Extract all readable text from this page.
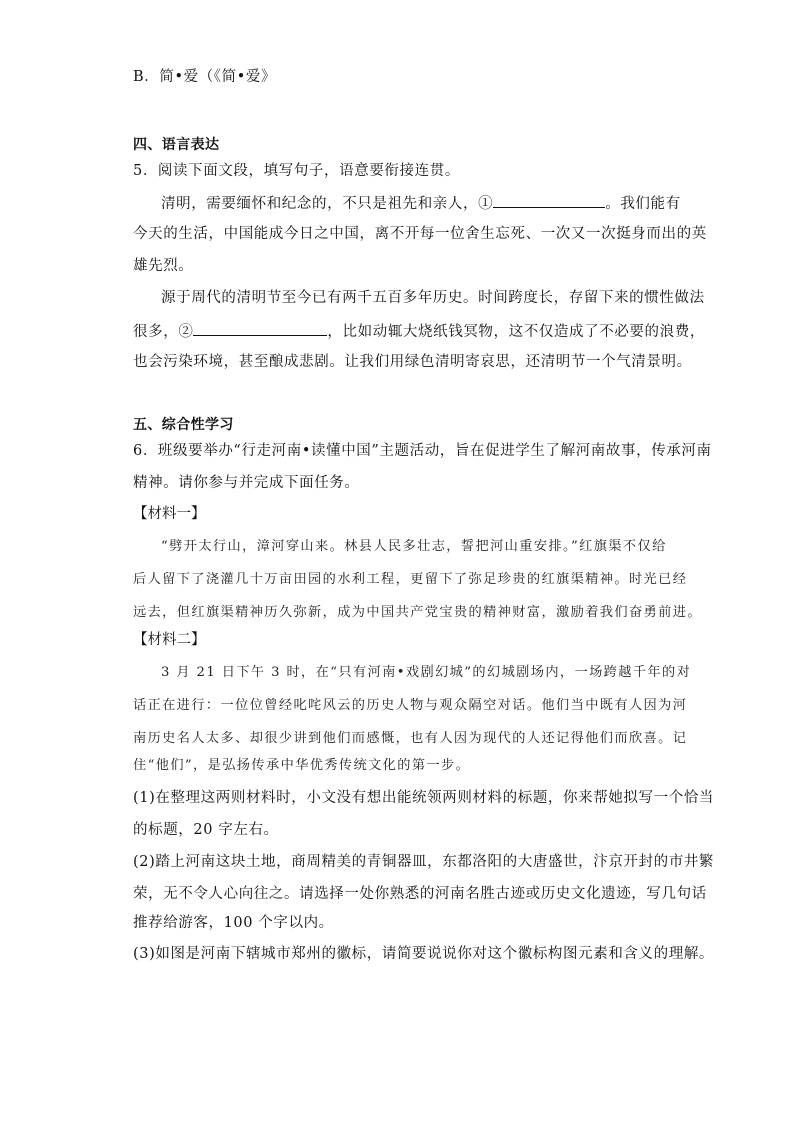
B．简•爱（《简•爱》
四、语言表达
5．阅读下面文段，填写句子，语意要衔接连贯。
清明，需要缅怀和纪念的，不只是祖先和亲人，①	。我们能有
今天的生活，中国能成今日之中国，离不开每一位舍生忘死、一次又一次挺身而出的英
雄先烈。
源于周代的清明节至今已有两千五百多年历史。时间跨度长，存留下来的惯性做法
很多，②	，比如动辄大烧纸钱冥物，这不仅造成了不必要的浪费，
也会污染环境，甚至酿成悲剧。让我们用绿色清明寄哀思，还清明节一个气清景明。
五、综合性学习
6．班级要举办“行走河南•读懂中国”主题活动，旨在促进学生了解河南故事，传承河南
精神。请你参与并完成下面任务。
【材料一】
“劈开太行山，漳河穿山来。林县人民多壮志，誓把河山重安排。”红旗渠不仅给
后人留下了浇灌几十万亩田园的水利工程，更留下了弥足珍贵的红旗渠精神。时光已经
远去，但红旗渠精神历久弥新，成为中国共产党宝贵的精神财富，激励着我们奋勇前进。
【材料二】
3 月 21 日下午 3 时，在“只有河南•戏剧幻城”的幻城剧场内，一场跨越千年的对
话正在进行：一位位曾经叱咤风云的历史人物与观众隔空对话。他们当中既有人因为河
南历史名人太多、却很少讲到他们而感慨，也有人因为现代的人还记得他们而欣喜。记
住“他们”，是弘扬传承中华优秀传统文化的第一步。
(1)在整理这两则材料时，小文没有想出能统领两则材料的标题，你来帮她拟写一个恰当
的标题，20 字左右。
(2)踏上河南这块土地，商周精美的青铜器皿，东都洛阳的大唐盛世，汴京开封的市井繁
荣，无不令人心向往之。请选择一处你熟悉的河南名胜古迹或历史文化遗迹，写几句话
推荐给游客，100 个字以内。
(3)如图是河南下辖城市郑州的徽标，请简要说说你对这个徽标构图元素和含义的理解。
